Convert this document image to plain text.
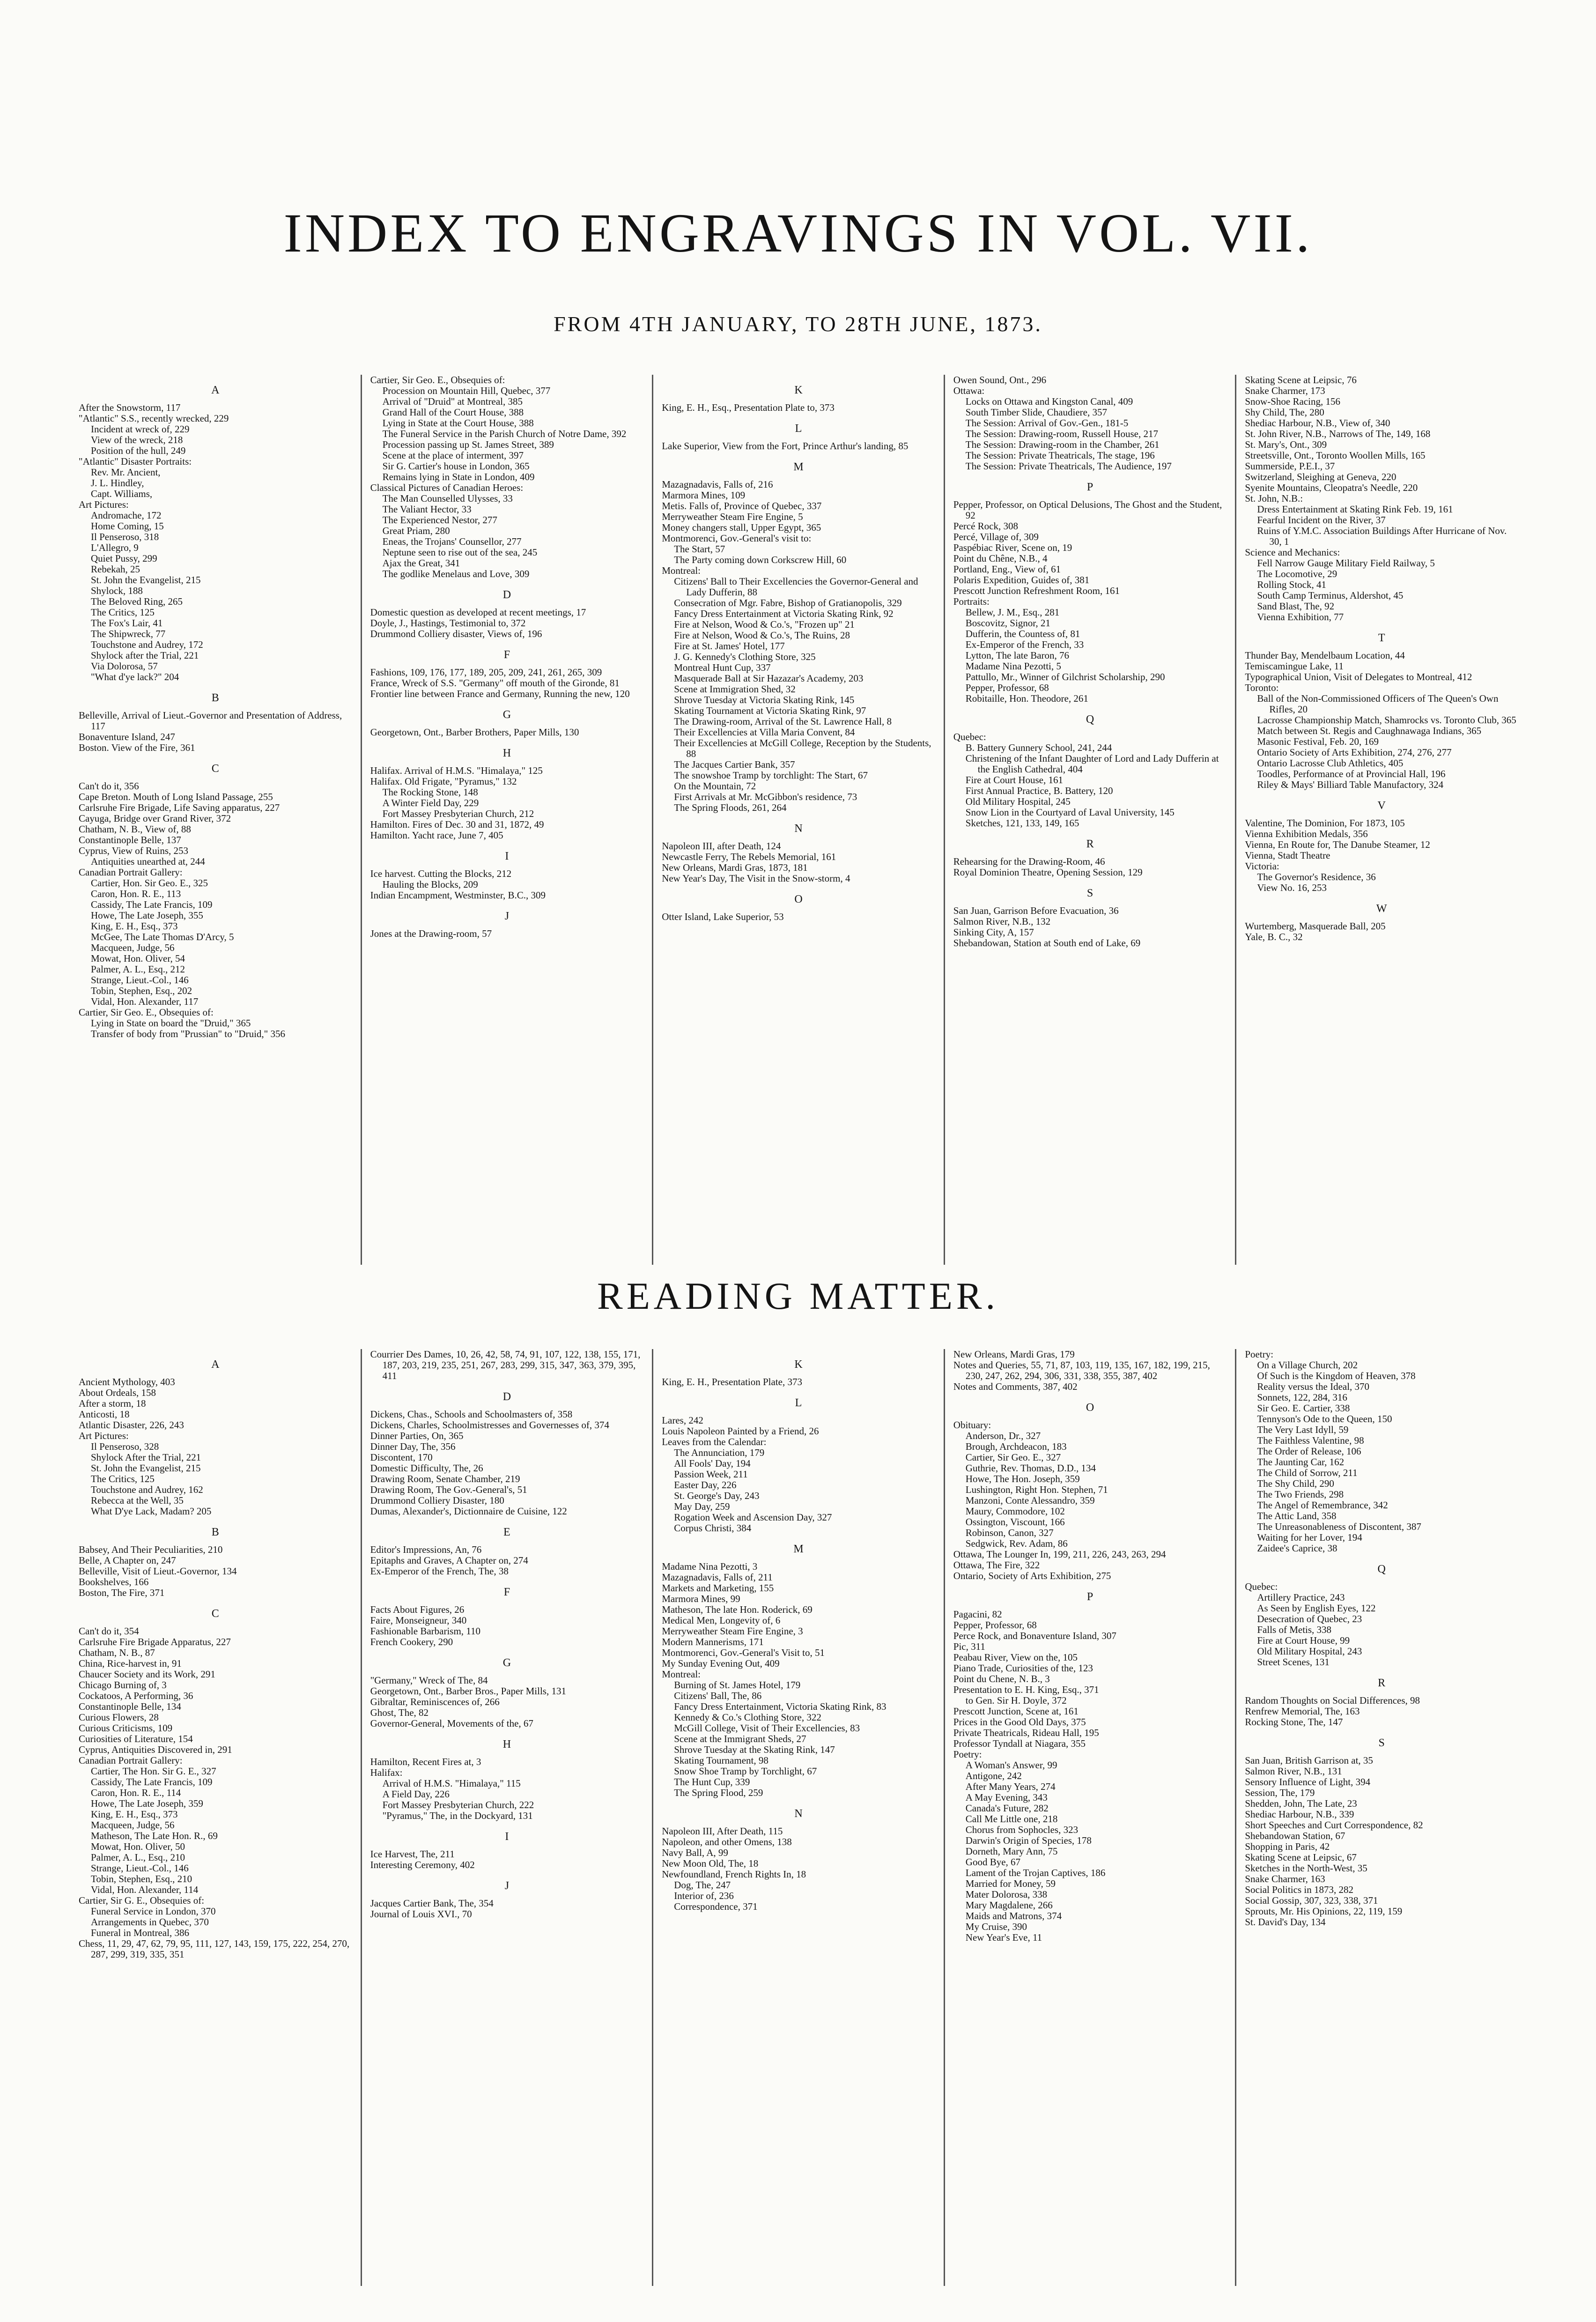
INDEX TO ENGRAVINGS IN VOL. VII.
FROM 4TH JANUARY, TO 28TH JUNE, 1873.
A
After the Snowstorm, 117
"Atlantic" S.S., recently wrecked, 229
Incident at wreck of, 229
View of the wreck, 218
Position of the hull, 249
"Atlantic" Disaster Portraits:
Rev. Mr. Ancient,
J. L. Hindley,
Capt. Williams,
Art Pictures:
Andromache, 172
Home Coming, 15
Il Penseroso, 318
L'Allegro, 9
Quiet Pussy, 299
Rebekah, 25
St. John the Evangelist, 215
Shylock, 188
The Beloved Ring, 265
The Critics, 125
The Fox's Lair, 41
The Shipwreck, 77
Touchstone and Audrey, 172
Shylock after the Trial, 221
Via Dolorosa, 57
"What d'ye lack?" 204
B
Belleville, Arrival of Lieut.-Governor and Presentation of Address, 117
Bonaventure Island, 247
Boston. View of the Fire, 361
C
Can't do it, 356
Cape Breton. Mouth of Long Island Passage, 255
Carlsruhe Fire Brigade, Life Saving apparatus, 227
Cayuga, Bridge over Grand River, 372
Chatham, N. B., View of, 88
Constantinople Belle, 137
Cyprus, View of Ruins, 253
Antiquities unearthed at, 244
Canadian Portrait Gallery:
Cartier, Hon. Sir Geo. E., 325
Caron, Hon. R. E., 113
Cassidy, The Late Francis, 109
Howe, The Late Joseph, 355
King, E. H., Esq., 373
McGee, The Late Thomas D'Arcy, 5
Macqueen, Judge, 56
Mowat, Hon. Oliver, 54
Palmer, A. L., Esq., 212
Strange, Lieut.-Col., 146
Tobin, Stephen, Esq., 202
Vidal, Hon. Alexander, 117
Cartier, Sir Geo. E., Obsequies of:
Lying in State on board the "Druid," 365
Transfer of body from "Prussian" to "Druid," 356
Cartier, Sir Geo. E., Obsequies of:
Procession on Mountain Hill, Quebec, 377
Arrival of "Druid" at Montreal, 385
Grand Hall of the Court House, 388
Lying in State at the Court House, 388
The Funeral Service in the Parish Church of Notre Dame, 392
Procession passing up St. James Street, 389
Scene at the place of interment, 397
Sir G. Cartier's house in London, 365
Remains lying in State in London, 409
Classical Pictures of Canadian Heroes:
The Man Counselled Ulysses, 33
The Valiant Hector, 33
The Experienced Nestor, 277
Great Priam, 280
Eneas, the Trojans' Counsellor, 277
Neptune seen to rise out of the sea, 245
Ajax the Great, 341
The godlike Menelaus and Love, 309
D
Domestic question as developed at recent meetings, 17
Doyle, J., Hastings, Testimonial to, 372
Drummond Colliery disaster, Views of, 196
F
Fashions, 109, 176, 177, 189, 205, 209, 241, 261, 265, 309
France, Wreck of S.S. "Germany" off mouth of the Gironde, 81
Frontier line between France and Germany, Running the new, 120
G
Georgetown, Ont., Barber Brothers, Paper Mills, 130
H
Halifax. Arrival of H.M.S. "Himalaya," 125
Halifax. Old Frigate, "Pyramus," 132
The Rocking Stone, 148
A Winter Field Day, 229
Fort Massey Presbyterian Church, 212
Hamilton. Fires of Dec. 30 and 31, 1872, 49
Hamilton. Yacht race, June 7, 405
I
Ice harvest. Cutting the Blocks, 212
Hauling the Blocks, 209
Indian Encampment, Westminster, B.C., 309
J
Jones at the Drawing-room, 57
K
King, E. H., Esq., Presentation Plate to, 373
L
Lake Superior, View from the Fort, Prince Arthur's landing, 85
M
Mazagnadavis, Falls of, 216
Marmora Mines, 109
Metis. Falls of, Province of Quebec, 337
Merryweather Steam Fire Engine, 5
Money changers stall, Upper Egypt, 365
Montmorenci, Gov.-General's visit to:
The Start, 57
The Party coming down Corkscrew Hill, 60
Montreal:
Citizens' Ball to Their Excellencies the Governor-General and Lady Dufferin, 88
Consecration of Mgr. Fabre, Bishop of Gratianopolis, 329
Fancy Dress Entertainment at Victoria Skating Rink, 92
Fire at Nelson, Wood & Co.'s, "Frozen up" 21
Fire at Nelson, Wood & Co.'s, The Ruins, 28
Fire at St. James' Hotel, 177
J. G. Kennedy's Clothing Store, 325
Montreal Hunt Cup, 337
Masquerade Ball at Sir Hazazar's Academy, 203
Scene at Immigration Shed, 32
Shrove Tuesday at Victoria Skating Rink, 145
Skating Tournament at Victoria Skating Rink, 97
The Drawing-room, Arrival of the St. Lawrence Hall, 8
Their Excellencies at Villa Maria Convent, 84
Their Excellencies at McGill College, Reception by the Students, 88
The Jacques Cartier Bank, 357
The snowshoe Tramp by torchlight: The Start, 67
On the Mountain, 72
First Arrivals at Mr. McGibbon's residence, 73
The Spring Floods, 261, 264
N
Napoleon III, after Death, 124
Newcastle Ferry, The Rebels Memorial, 161
New Orleans, Mardi Gras, 1873, 181
New Year's Day, The Visit in the Snow-storm, 4
O
Otter Island, Lake Superior, 53
Owen Sound, Ont., 296
Ottawa:
Locks on Ottawa and Kingston Canal, 409
South Timber Slide, Chaudiere, 357
The Session: Arrival of Gov.-Gen., 181-5
The Session: Drawing-room, Russell House, 217
The Session: Drawing-room in the Chamber, 261
The Session: Private Theatricals, The stage, 196
The Session: Private Theatricals, The Audience, 197
P
Pepper, Professor, on Optical Delusions, The Ghost and the Student, 92
Percé Rock, 308
Percé, Village of, 309
Paspébiac River, Scene on, 19
Point du Chêne, N.B., 4
Portland, Eng., View of, 61
Polaris Expedition, Guides of, 381
Prescott Junction Refreshment Room, 161
Portraits:
Bellew, J. M., Esq., 281
Boscovitz, Signor, 21
Dufferin, the Countess of, 81
Ex-Emperor of the French, 33
Lytton, The late Baron, 76
Madame Nina Pezotti, 5
Pattullo, Mr., Winner of Gilchrist Scholarship, 290
Pepper, Professor, 68
Robitaille, Hon. Theodore, 261
Q
Quebec:
B. Battery Gunnery School, 241, 244
Christening of the Infant Daughter of Lord and Lady Dufferin at the English Cathedral, 404
Fire at Court House, 161
First Annual Practice, B. Battery, 120
Old Military Hospital, 245
Snow Lion in the Courtyard of Laval University, 145
Sketches, 121, 133, 149, 165
R
Rehearsing for the Drawing-Room, 46
Royal Dominion Theatre, Opening Session, 129
S
San Juan, Garrison Before Evacuation, 36
Salmon River, N.B., 132
Sinking City, A, 157
Shebandowan, Station at South end of Lake, 69
Skating Scene at Leipsic, 76
Snake Charmer, 173
Snow-Shoe Racing, 156
Shy Child, The, 280
Shediac Harbour, N.B., View of, 340
St. John River, N.B., Narrows of The, 149, 168
St. Mary's, Ont., 309
Streetsville, Ont., Toronto Woollen Mills, 165
Summerside, P.E.I., 37
Switzerland, Sleighing at Geneva, 220
Syenite Mountains, Cleopatra's Needle, 220
St. John, N.B.:
Dress Entertainment at Skating Rink Feb. 19, 161
Fearful Incident on the River, 37
Ruins of Y.M.C. Association Buildings After Hurricane of Nov. 30, 1
Science and Mechanics:
Fell Narrow Gauge Military Field Railway, 5
The Locomotive, 29
Rolling Stock, 41
South Camp Terminus, Aldershot, 45
Sand Blast, The, 92
Vienna Exhibition, 77
T
Thunder Bay, Mendelbaum Location, 44
Temiscamingue Lake, 11
Typographical Union, Visit of Delegates to Montreal, 412
Toronto:
Ball of the Non-Commissioned Officers of The Queen's Own Rifles, 20
Lacrosse Championship Match, Shamrocks vs. Toronto Club, 365
Match between St. Regis and Caughnawaga Indians, 365
Masonic Festival, Feb. 20, 169
Ontario Society of Arts Exhibition, 274, 276, 277
Ontario Lacrosse Club Athletics, 405
Toodles, Performance of at Provincial Hall, 196
Riley & Mays' Billiard Table Manufactory, 324
V
Valentine, The Dominion, For 1873, 105
Vienna Exhibition Medals, 356
Vienna, En Route for, The Danube Steamer, 12
Vienna, Stadt Theatre
Victoria:
The Governor's Residence, 36
View No. 16, 253
W
Wurtemberg, Masquerade Ball, 205
Yale, B. C., 32
READING MATTER.
A
Ancient Mythology, 403
About Ordeals, 158
After a storm, 18
Anticosti, 18
Atlantic Disaster, 226, 243
Art Pictures:
Il Penseroso, 328
Shylock After the Trial, 221
St. John the Evangelist, 215
The Critics, 125
Touchstone and Audrey, 162
Rebecca at the Well, 35
What D'ye Lack, Madam? 205
B
Babsey, And Their Peculiarities, 210
Belle, A Chapter on, 247
Belleville, Visit of Lieut.-Governor, 134
Bookshelves, 166
Boston, The Fire, 371
C
Can't do it, 354
Carlsruhe Fire Brigade Apparatus, 227
Chatham, N. B., 87
China, Rice-harvest in, 91
Chaucer Society and its Work, 291
Chicago Burning of, 3
Cockatoos, A Performing, 36
Constantinople Belle, 134
Curious Flowers, 28
Curious Criticisms, 109
Curiosities of Literature, 154
Cyprus, Antiquities Discovered in, 291
Canadian Portrait Gallery:
Cartier, The Hon. Sir G. E., 327
Cassidy, The Late Francis, 109
Caron, Hon. R. E., 114
Howe, The Late Joseph, 359
King, E. H., Esq., 373
Macqueen, Judge, 56
Matheson, The Late Hon. R., 69
Mowat, Hon. Oliver, 50
Palmer, A. L., Esq., 210
Strange, Lieut.-Col., 146
Tobin, Stephen, Esq., 210
Vidal, Hon. Alexander, 114
Cartier, Sir G. E., Obsequies of:
Funeral Service in London, 370
Arrangements in Quebec, 370
Funeral in Montreal, 386
Chess, 11, 29, 47, 62, 79, 95, 111, 127, 143, 159, 175, 222, 254, 270, 287, 299, 319, 335, 351
Courrier Des Dames, 10, 26, 42, 58, 74, 91, 107, 122, 138, 155, 171, 187, 203, 219, 235, 251, 267, 283, 299, 315, 347, 363, 379, 395, 411
D
Dickens, Chas., Schools and Schoolmasters of, 358
Dickens, Charles, Schoolmistresses and Governesses of, 374
Dinner Parties, On, 365
Dinner Day, The, 356
Discontent, 170
Domestic Difficulty, The, 26
Drawing Room, Senate Chamber, 219
Drawing Room, The Gov.-General's, 51
Drummond Colliery Disaster, 180
Dumas, Alexander's, Dictionnaire de Cuisine, 122
E
Editor's Impressions, An, 76
Epitaphs and Graves, A Chapter on, 274
Ex-Emperor of the French, The, 38
F
Facts About Figures, 26
Faire, Monseigneur, 340
Fashionable Barbarism, 110
French Cookery, 290
G
"Germany," Wreck of The, 84
Georgetown, Ont., Barber Bros., Paper Mills, 131
Gibraltar, Reminiscences of, 266
Ghost, The, 82
Governor-General, Movements of the, 67
H
Hamilton, Recent Fires at, 3
Halifax:
Arrival of H.M.S. "Himalaya," 115
A Field Day, 226
Fort Massey Presbyterian Church, 222
"Pyramus," The, in the Dockyard, 131
I
Ice Harvest, The, 211
Interesting Ceremony, 402
J
Jacques Cartier Bank, The, 354
Journal of Louis XVI., 70
K
King, E. H., Presentation Plate, 373
L
Lares, 242
Louis Napoleon Painted by a Friend, 26
Leaves from the Calendar:
The Annunciation, 179
All Fools' Day, 194
Passion Week, 211
Easter Day, 226
St. George's Day, 243
May Day, 259
Rogation Week and Ascension Day, 327
Corpus Christi, 384
M
Madame Nina Pezotti, 3
Mazagnadavis, Falls of, 211
Markets and Marketing, 155
Marmora Mines, 99
Matheson, The late Hon. Roderick, 69
Medical Men, Longevity of, 6
Merryweather Steam Fire Engine, 3
Modern Mannerisms, 171
Montmorenci, Gov.-General's Visit to, 51
My Sunday Evening Out, 409
Montreal:
Burning of St. James Hotel, 179
Citizens' Ball, The, 86
Fancy Dress Entertainment, Victoria Skating Rink, 83
Kennedy & Co.'s Clothing Store, 322
McGill College, Visit of Their Excellencies, 83
Scene at the Immigrant Sheds, 27
Shrove Tuesday at the Skating Rink, 147
Skating Tournament, 98
Snow Shoe Tramp by Torchlight, 67
The Hunt Cup, 339
The Spring Flood, 259
N
Napoleon III, After Death, 115
Napoleon, and other Omens, 138
Navy Ball, A, 99
New Moon Old, The, 18
Newfoundland, French Rights In, 18
Dog, The, 247
Interior of, 236
Correspondence, 371
New Orleans, Mardi Gras, 179
Notes and Queries, 55, 71, 87, 103, 119, 135, 167, 182, 199, 215, 230, 247, 262, 294, 306, 331, 338, 355, 387, 402
Notes and Comments, 387, 402
O
Obituary:
Anderson, Dr., 327
Brough, Archdeacon, 183
Cartier, Sir Geo. E., 327
Guthrie, Rev. Thomas, D.D., 134
Howe, The Hon. Joseph, 359
Lushington, Right Hon. Stephen, 71
Manzoni, Conte Alessandro, 359
Maury, Commodore, 102
Ossington, Viscount, 166
Robinson, Canon, 327
Sedgwick, Rev. Adam, 86
Ottawa, The Lounger In, 199, 211, 226, 243, 263, 294
Ottawa, The Fire, 322
Ontario, Society of Arts Exhibition, 275
P
Pagacini, 82
Pepper, Professor, 68
Perce Rock, and Bonaventure Island, 307
Pic, 311
Peabau River, View on the, 105
Piano Trade, Curiosities of the, 123
Point du Chene, N. B., 3
Presentation to E. H. King, Esq., 371
to Gen. Sir H. Doyle, 372
Prescott Junction, Scene at, 161
Prices in the Good Old Days, 375
Private Theatricals, Rideau Hall, 195
Professor Tyndall at Niagara, 355
Poetry:
A Woman's Answer, 99
Antigone, 242
After Many Years, 274
A May Evening, 343
Canada's Future, 282
Call Me Little one, 218
Chorus from Sophocles, 323
Darwin's Origin of Species, 178
Dorneth, Mary Ann, 75
Good Bye, 67
Lament of the Trojan Captives, 186
Married for Money, 59
Mater Dolorosa, 338
Mary Magdalene, 266
Maids and Matrons, 374
My Cruise, 390
New Year's Eve, 11
Poetry:
On a Village Church, 202
Of Such is the Kingdom of Heaven, 378
Reality versus the Ideal, 370
Sonnets, 122, 284, 316
Sir Geo. E. Cartier, 338
Tennyson's Ode to the Queen, 150
The Very Last Idyll, 59
The Faithless Valentine, 98
The Order of Release, 106
The Jaunting Car, 162
The Child of Sorrow, 211
The Shy Child, 290
The Two Friends, 298
The Angel of Remembrance, 342
The Attic Land, 358
The Unreasonableness of Discontent, 387
Waiting for her Lover, 194
Zaidee's Caprice, 38
Q
Quebec:
Artillery Practice, 243
As Seen by English Eyes, 122
Desecration of Quebec, 23
Falls of Metis, 338
Fire at Court House, 99
Old Military Hospital, 243
Street Scenes, 131
R
Random Thoughts on Social Differences, 98
Renfrew Memorial, The, 163
Rocking Stone, The, 147
S
San Juan, British Garrison at, 35
Salmon River, N.B., 131
Sensory Influence of Light, 394
Session, The, 179
Shedden, John, The Late, 23
Shediac Harbour, N.B., 339
Short Speeches and Curt Correspondence, 82
Shebandowan Station, 67
Shopping in Paris, 42
Skating Scene at Leipsic, 67
Sketches in the North-West, 35
Snake Charmer, 163
Social Politics in 1873, 282
Social Gossip, 307, 323, 338, 371
Sprouts, Mr. His Opinions, 22, 119, 159
St. David's Day, 134
